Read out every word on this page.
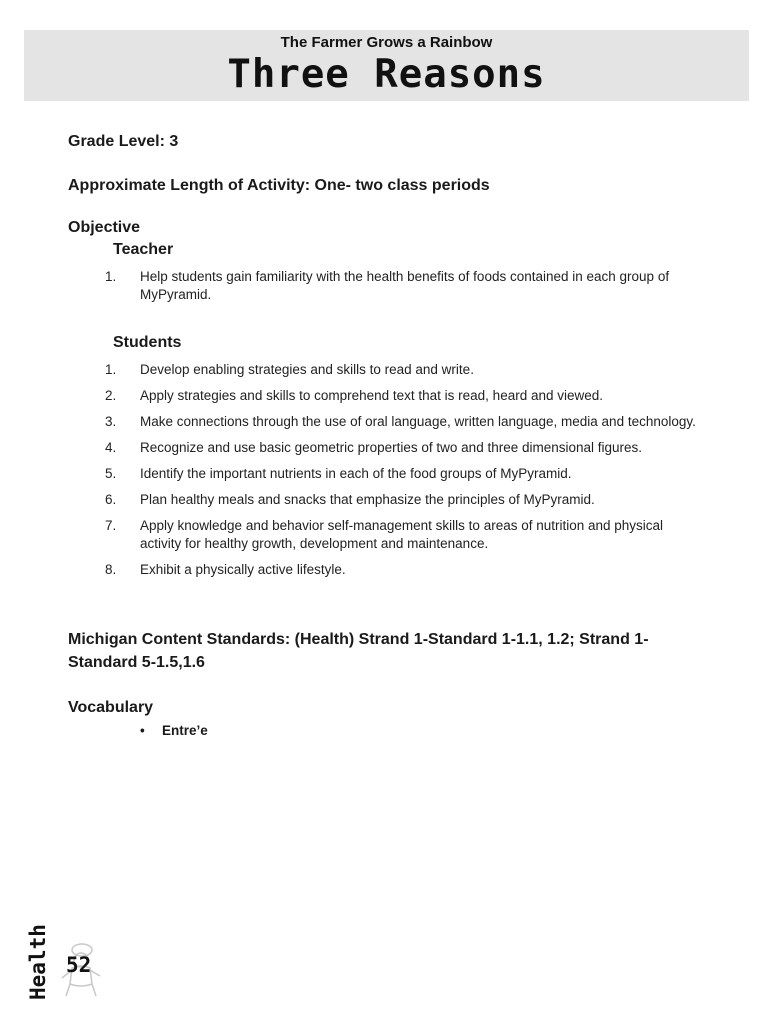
The Farmer Grows a Rainbow
Three Reasons
Grade Level: 3
Approximate Length of Activity: One- two class periods
Objective
Teacher
1. Help students gain familiarity with the health benefits of foods contained in each group of MyPyramid.
Students
1. Develop enabling strategies and skills to read and write.
2. Apply strategies and skills to comprehend text that is read, heard and viewed.
3. Make connections through the use of oral language, written language, media and technology.
4. Recognize and use basic geometric properties of two and three dimensional figures.
5. Identify the important nutrients in each of the food groups of MyPyramid.
6. Plan healthy meals and snacks that emphasize the principles of MyPyramid.
7. Apply knowledge and behavior self-management skills to areas of nutrition and physical activity for healthy growth, development and maintenance.
8. Exhibit a physically active lifestyle.
Michigan Content Standards: (Health) Strand 1-Standard 1-1.1, 1.2; Strand 1-Standard 5-1.5,1.6
Vocabulary
• Entre’e
Health 52
